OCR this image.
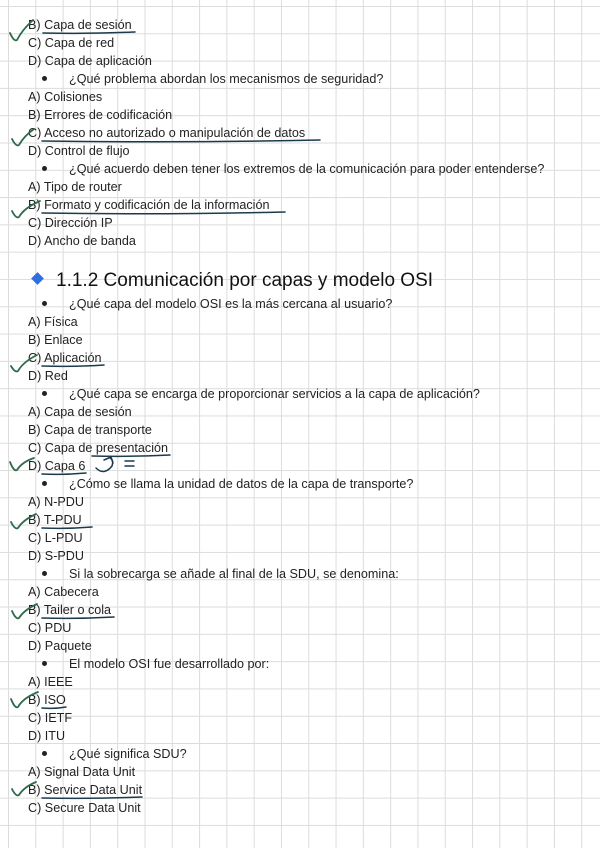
B) Capa de sesión
C) Capa de red
D) Capa de aplicación
¿Qué problema abordan los mecanismos de seguridad?
A) Colisiones
B) Errores de codificación
C) Acceso no autorizado o manipulación de datos
D) Control de flujo
¿Qué acuerdo deben tener los extremos de la comunicación para poder entenderse?
A) Tipo de router
B) Formato y codificación de la información
C) Dirección IP
D) Ancho de banda
1.1.2 Comunicación por capas y modelo OSI
¿Qué capa del modelo OSI es la más cercana al usuario?
A) Física
B) Enlace
C) Aplicación
D) Red
¿Qué capa se encarga de proporcionar servicios a la capa de aplicación?
A) Capa de sesión
B) Capa de transporte
C) Capa de presentación
D) Capa 6
¿Cómo se llama la unidad de datos de la capa de transporte?
A) N-PDU
B) T-PDU
C) L-PDU
D) S-PDU
Si la sobrecarga se añade al final de la SDU, se denomina:
A) Cabecera
B) Tailer o cola
C) PDU
D) Paquete
El modelo OSI fue desarrollado por:
A) IEEE
B) ISO
C) IETF
D) ITU
¿Qué significa SDU?
A) Signal Data Unit
B) Service Data Unit
C) Secure Data Unit
